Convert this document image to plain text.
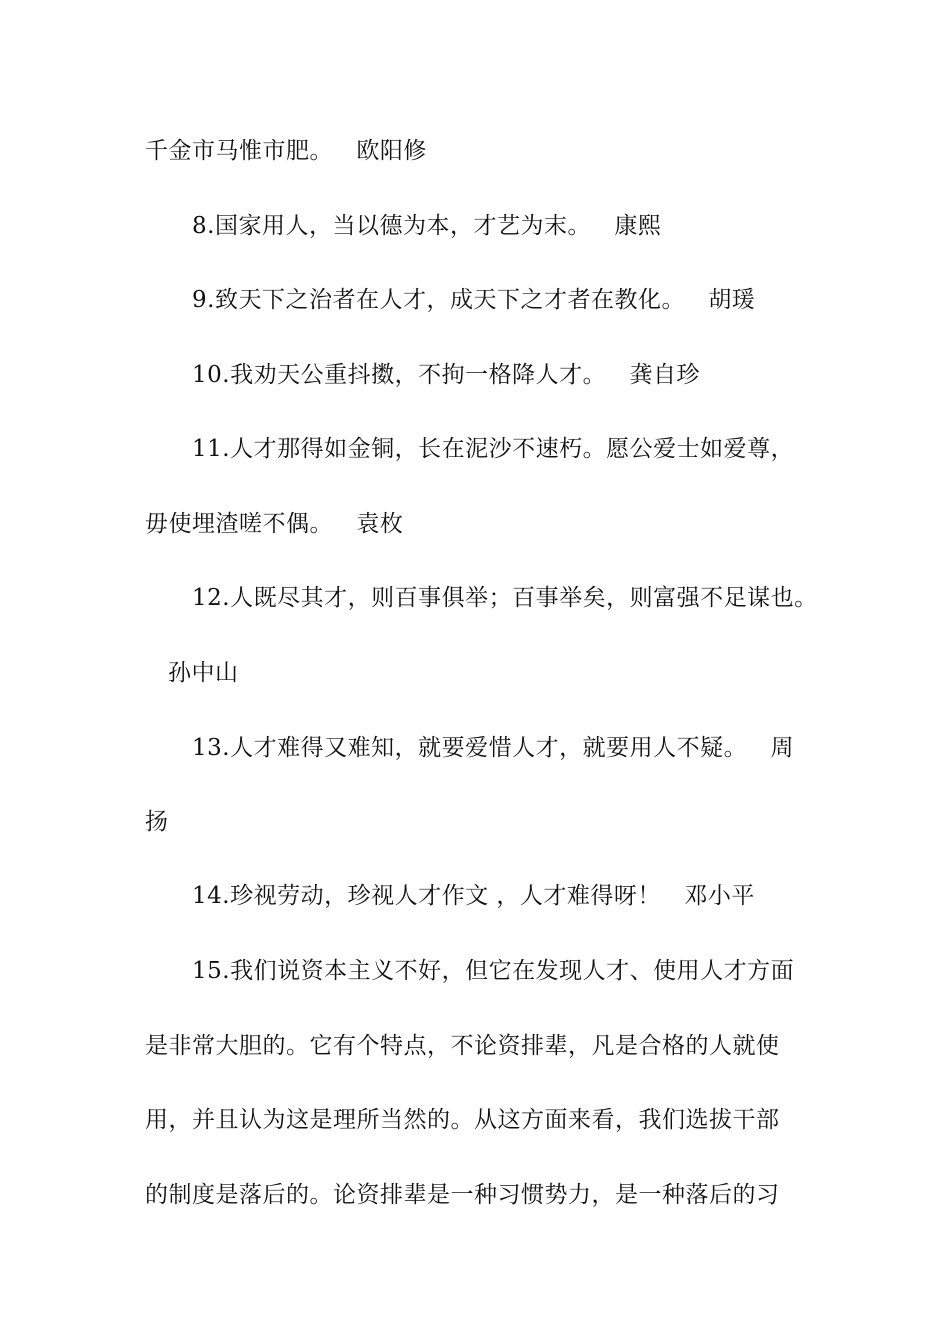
千金市马惟市肥。   欧阳修
8.国家用人，当以德为本，才艺为末。   康熙
9.致天下之治者在人才，成天下之才者在教化。   胡瑗
10.我劝天公重抖擞，不拘一格降人才。   龚自珍
11.人才那得如金铜，长在泥沙不速朽。愿公爱士如爱尊，
毋使埋渣嗟不偶。   袁枚
12.人既尽其才，则百事俱举；百事举矣，则富强不足谋也。
孙中山
13.人才难得又难知，就要爱惜人才，就要用人不疑。   周
扬
14.珍视劳动，珍视人才作文 ，人才难得呀！   邓小平
15.我们说资本主义不好，但它在发现人才、使用人才方面
是非常大胆的。它有个特点，不论资排辈，凡是合格的人就使
用，并且认为这是理所当然的。从这方面来看，我们选拔干部
的制度是落后的。论资排辈是一种习惯势力，是一种落后的习
